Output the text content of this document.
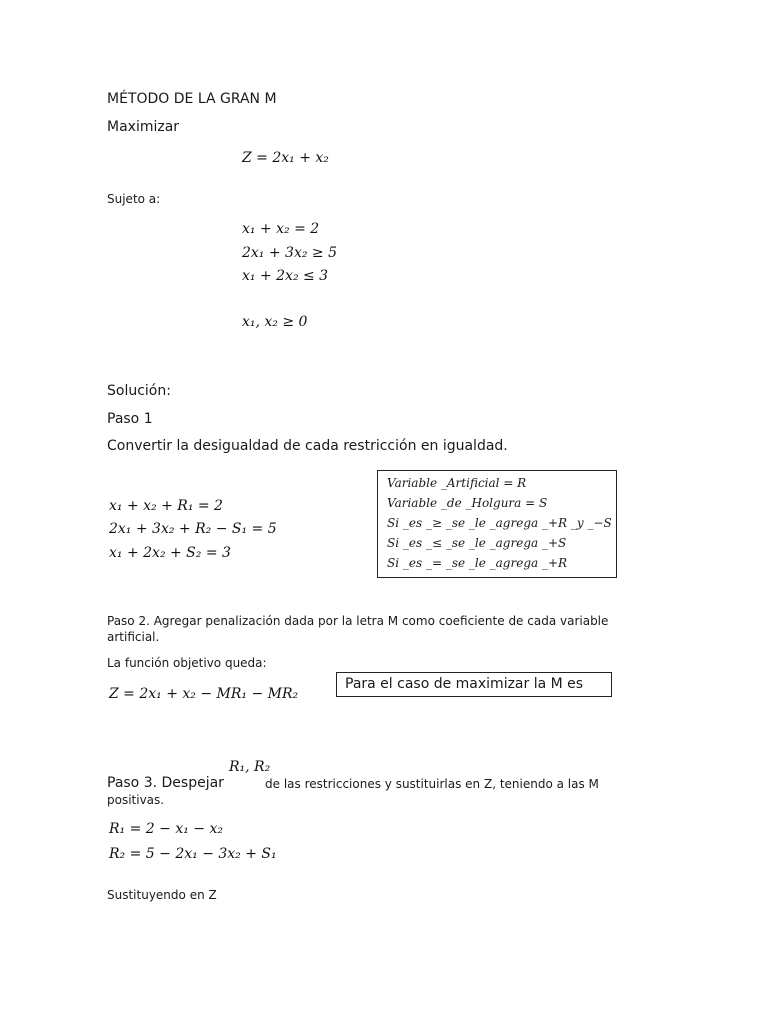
MÉTODO DE LA GRAN M
Maximizar
Z = 2x₁ + x₂
Sujeto a:
x₁ + x₂ = 2
2x₁ + 3x₂ ≥ 5
x₁ + 2x₂ ≤ 3
x₁, x₂ ≥ 0
Solución:
Paso 1
Convertir la desigualdad de cada restricción en igualdad.
x₁ + x₂ + R₁ = 2
2x₁ + 3x₂ + R₂ − S₁ = 5
x₁ + 2x₂ + S₂ = 3
Variable _Artificial = R
Variable _de _Holgura = S
Si _es _≥ _se _le _agrega _+R _y _−S
Si _es _≤ _se _le _agrega _+S
Si _es _= _se _le _agrega _+R
Paso 2. Agregar penalización dada por la letra M como coeficiente de cada variable
artificial.
La función objetivo queda:
Z = 2x₁ + x₂ − MR₁ − MR₂
Para el caso de maximizar la M es
R₁, R₂
Paso 3. Despejar	de las restricciones y sustituirlas en Z, teniendo a las M
positivas.
R₁ = 2 − x₁ − x₂
R₂ = 5 − 2x₁ − 3x₂ + S₁
Sustituyendo en Z
